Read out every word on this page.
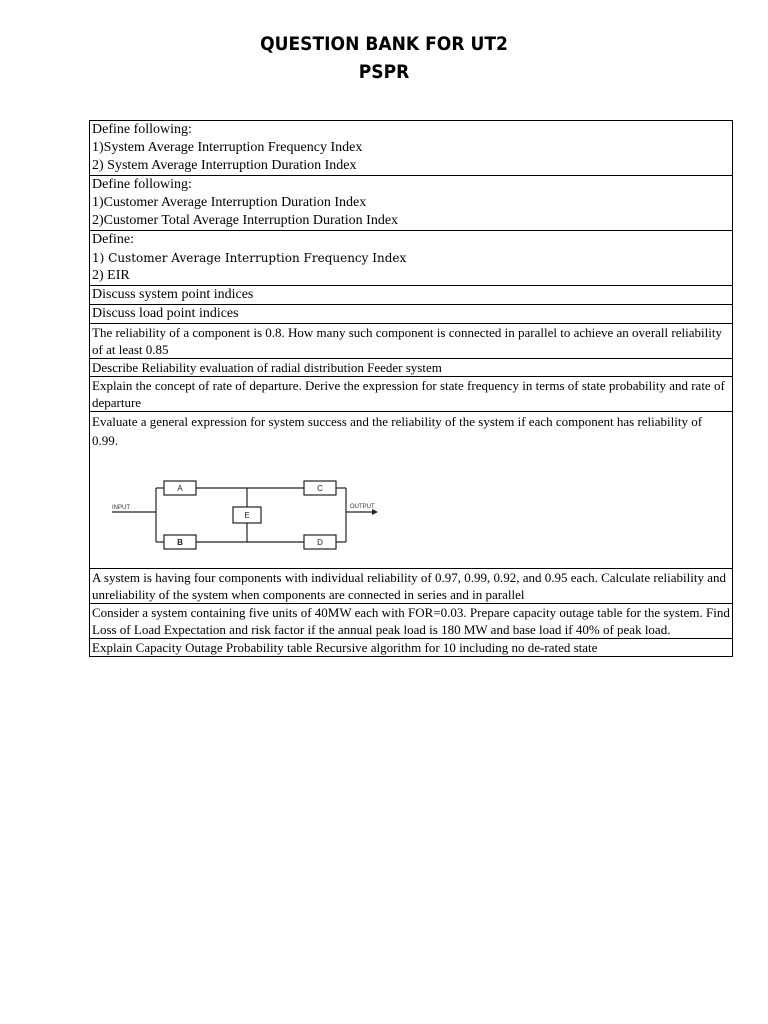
QUESTION BANK FOR UT2
PSPR
Define following:
1)System Average Interruption Frequency Index
2) System Average Interruption Duration Index

Define following:
1)Customer Average Interruption Duration Index
2)Customer Total Average Interruption Duration Index

Define:
1) Customer Average Interruption Frequency Index
2) EIR

Discuss system point indices

Discuss load point indices

The reliability of a component is 0.8. How many such component is connected in parallel to achieve an overall reliability of at least 0.85

Describe Reliability evaluation of radial distribution Feeder system

Explain the concept of rate of departure. Derive the expression for state frequency in terms of state probability and rate of departure

Evaluate a general expression for system success and the reliability of the system if each component has reliability of 0.99.
A
B
C
D
E
INPUT	OUTPUT

A system is having four components with individual reliability of 0.97, 0.99, 0.92, and 0.95 each. Calculate reliability and unreliability of the system when components are connected in series and in parallel

Consider a system containing five units of 40MW each with FOR=0.03. Prepare capacity outage table for the system. Find Loss of Load Expectation and risk factor if the annual peak load is 180 MW and base load if 40% of peak load.

Explain Capacity Outage Probability table Recursive algorithm for 10 including no de-rated state
